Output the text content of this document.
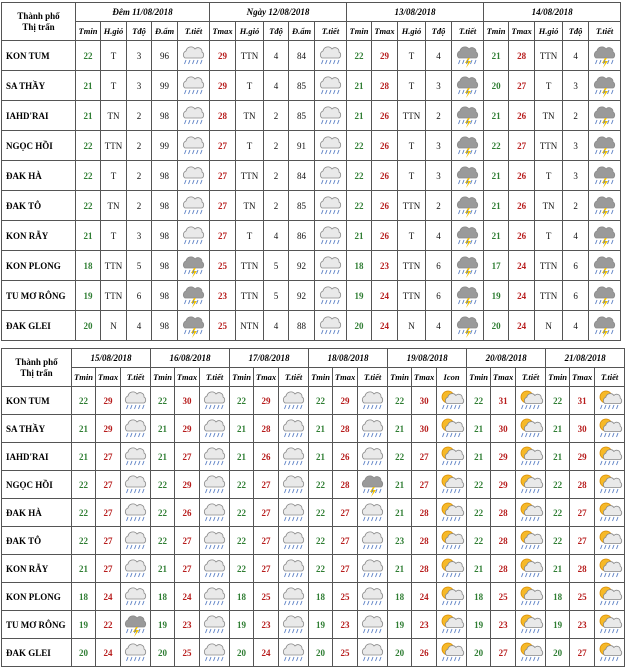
Thành phố
Thị trấn	Đêm 11/08/2018					Ngày 12/08/2018					13/08/2018					14/08/2018				
	Tmin	H.gió	Tđộ	Đ.ẩm	T.tiết	Tmax	H.gió	Tđộ	Đ.ẩm	T.tiết	Tmin	Tmax	H.gió	Tđộ	T.tiết	Tmin	Tmax	H.gió	Tđộ	T.tiết
KON TUM	22	T	3	96		29	TTN	4	84		22	29	T	4		21	28	TTN	4	

SA THẦY	21	T	3	99		29	T	4	85		21	28	T	3		20	27	T	3	

IAHD'RAI	21	TN	2	98		28	TN	2	85		21	26	TTN	2		21	26	TN	2	

NGỌC HỒI	22	TTN	2	99		27	T	2	91		22	26	T	3		22	27	TTN	3	

ĐAK HÀ	22	T	2	98		27	TTN	2	84		22	26	T	3		21	26	T	3	

ĐAK TÔ	22	TN	2	98		27	TN	2	85		22	26	TTN	2		21	26	TN	2	

KON RẪY	21	T	3	98		27	T	4	86		21	26	T	4		21	26	T	4	

KON PLONG	18	TTN	5	98		25	TTN	5	92		18	23	TTN	6		17	24	TTN	6	

TU MƠ RÔNG	19	TTN	6	98		23	TTN	5	92		19	24	TTN	6		19	24	TTN	6	

ĐAK GLEI	20	N	4	98		25	NTN	4	88		20	24	N	4		20	24	N	4	
Thành phố
Thị trấn	15/08/2018			16/08/2018			17/08/2018			18/08/2018			19/08/2018			20/08/2018			21/08/2018		
	Tmin	Tmax	T.tiết	Tmin	Tmax	T.tiết	Tmin	Tmax	T.tiết	Tmin	Tmax	T.tiết	Tmin	Tmax	Icon	Tmin	Tmax	T.tiết	Tmin	Tmax	T.tiết
KON TUM	22	29		22	30		22	29		22	29		22	30		22	31		22	31	

SA THẦY	21	29		21	29		21	28		21	28		21	30		21	30		21	30	

IAHD'RAI	21	27		21	27		21	26		21	26		22	27		21	29		21	29	

NGỌC HỒI	22	27		22	29		22	27		22	28		21	27		22	29		22	28	

ĐAK HÀ	22	27		22	26		22	27		22	27		21	28		22	28		22	27	

ĐAK TÔ	22	27		22	27		22	27		22	27		23	28		22	28		22	27	

KON RẪY	21	27		21	27		22	27		22	27		21	28		21	28		21	28	

KON PLONG	18	24		18	24		18	25		18	25		18	24		18	25		18	25	

TU MƠ RÔNG	19	22		19	23		19	23		19	23		19	23		19	23		19	23	

ĐAK GLEI	20	24		20	25		20	24		20	25		20	26		20	27		20	27	
